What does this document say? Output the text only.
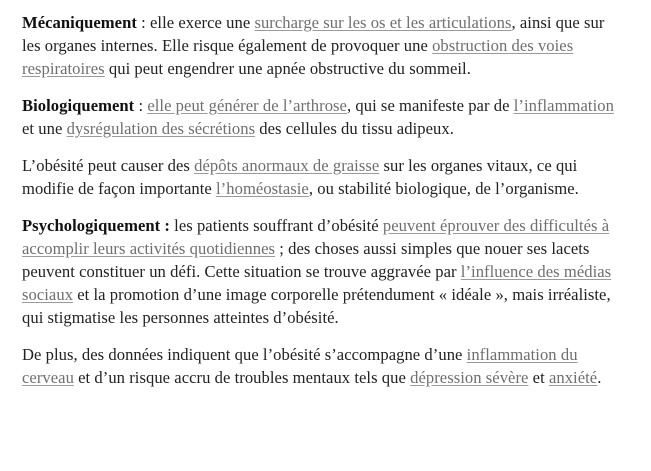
Mécaniquement : elle exerce une surcharge sur les os et les articulations, ainsi que sur les organes internes. Elle risque également de provoquer une obstruction des voies respiratoires qui peut engendrer une apnée obstructive du sommeil.

Biologiquement : elle peut générer de l’arthrose, qui se manifeste par de l’inflammation et une dysrégulation des sécrétions des cellules du tissu adipeux.

L’obésité peut causer des dépôts anormaux de graisse sur les organes vitaux, ce qui modifie de façon importante l’homéostasie, ou stabilité biologique, de l’organisme.

Psychologiquement : les patients souffrant d’obésité peuvent éprouver des difficultés à accomplir leurs activités quotidiennes ; des choses aussi simples que nouer ses lacets peuvent constituer un défi. Cette situation se trouve aggravée par l’influence des médias sociaux et la promotion d’une image corporelle prétendument « idéale », mais irréaliste, qui stigmatise les personnes atteintes d’obésité.

De plus, des données indiquent que l’obésité s’accompagne d’une inflammation du cerveau et d’un risque accru de troubles mentaux tels que dépression sévère et anxiété.
